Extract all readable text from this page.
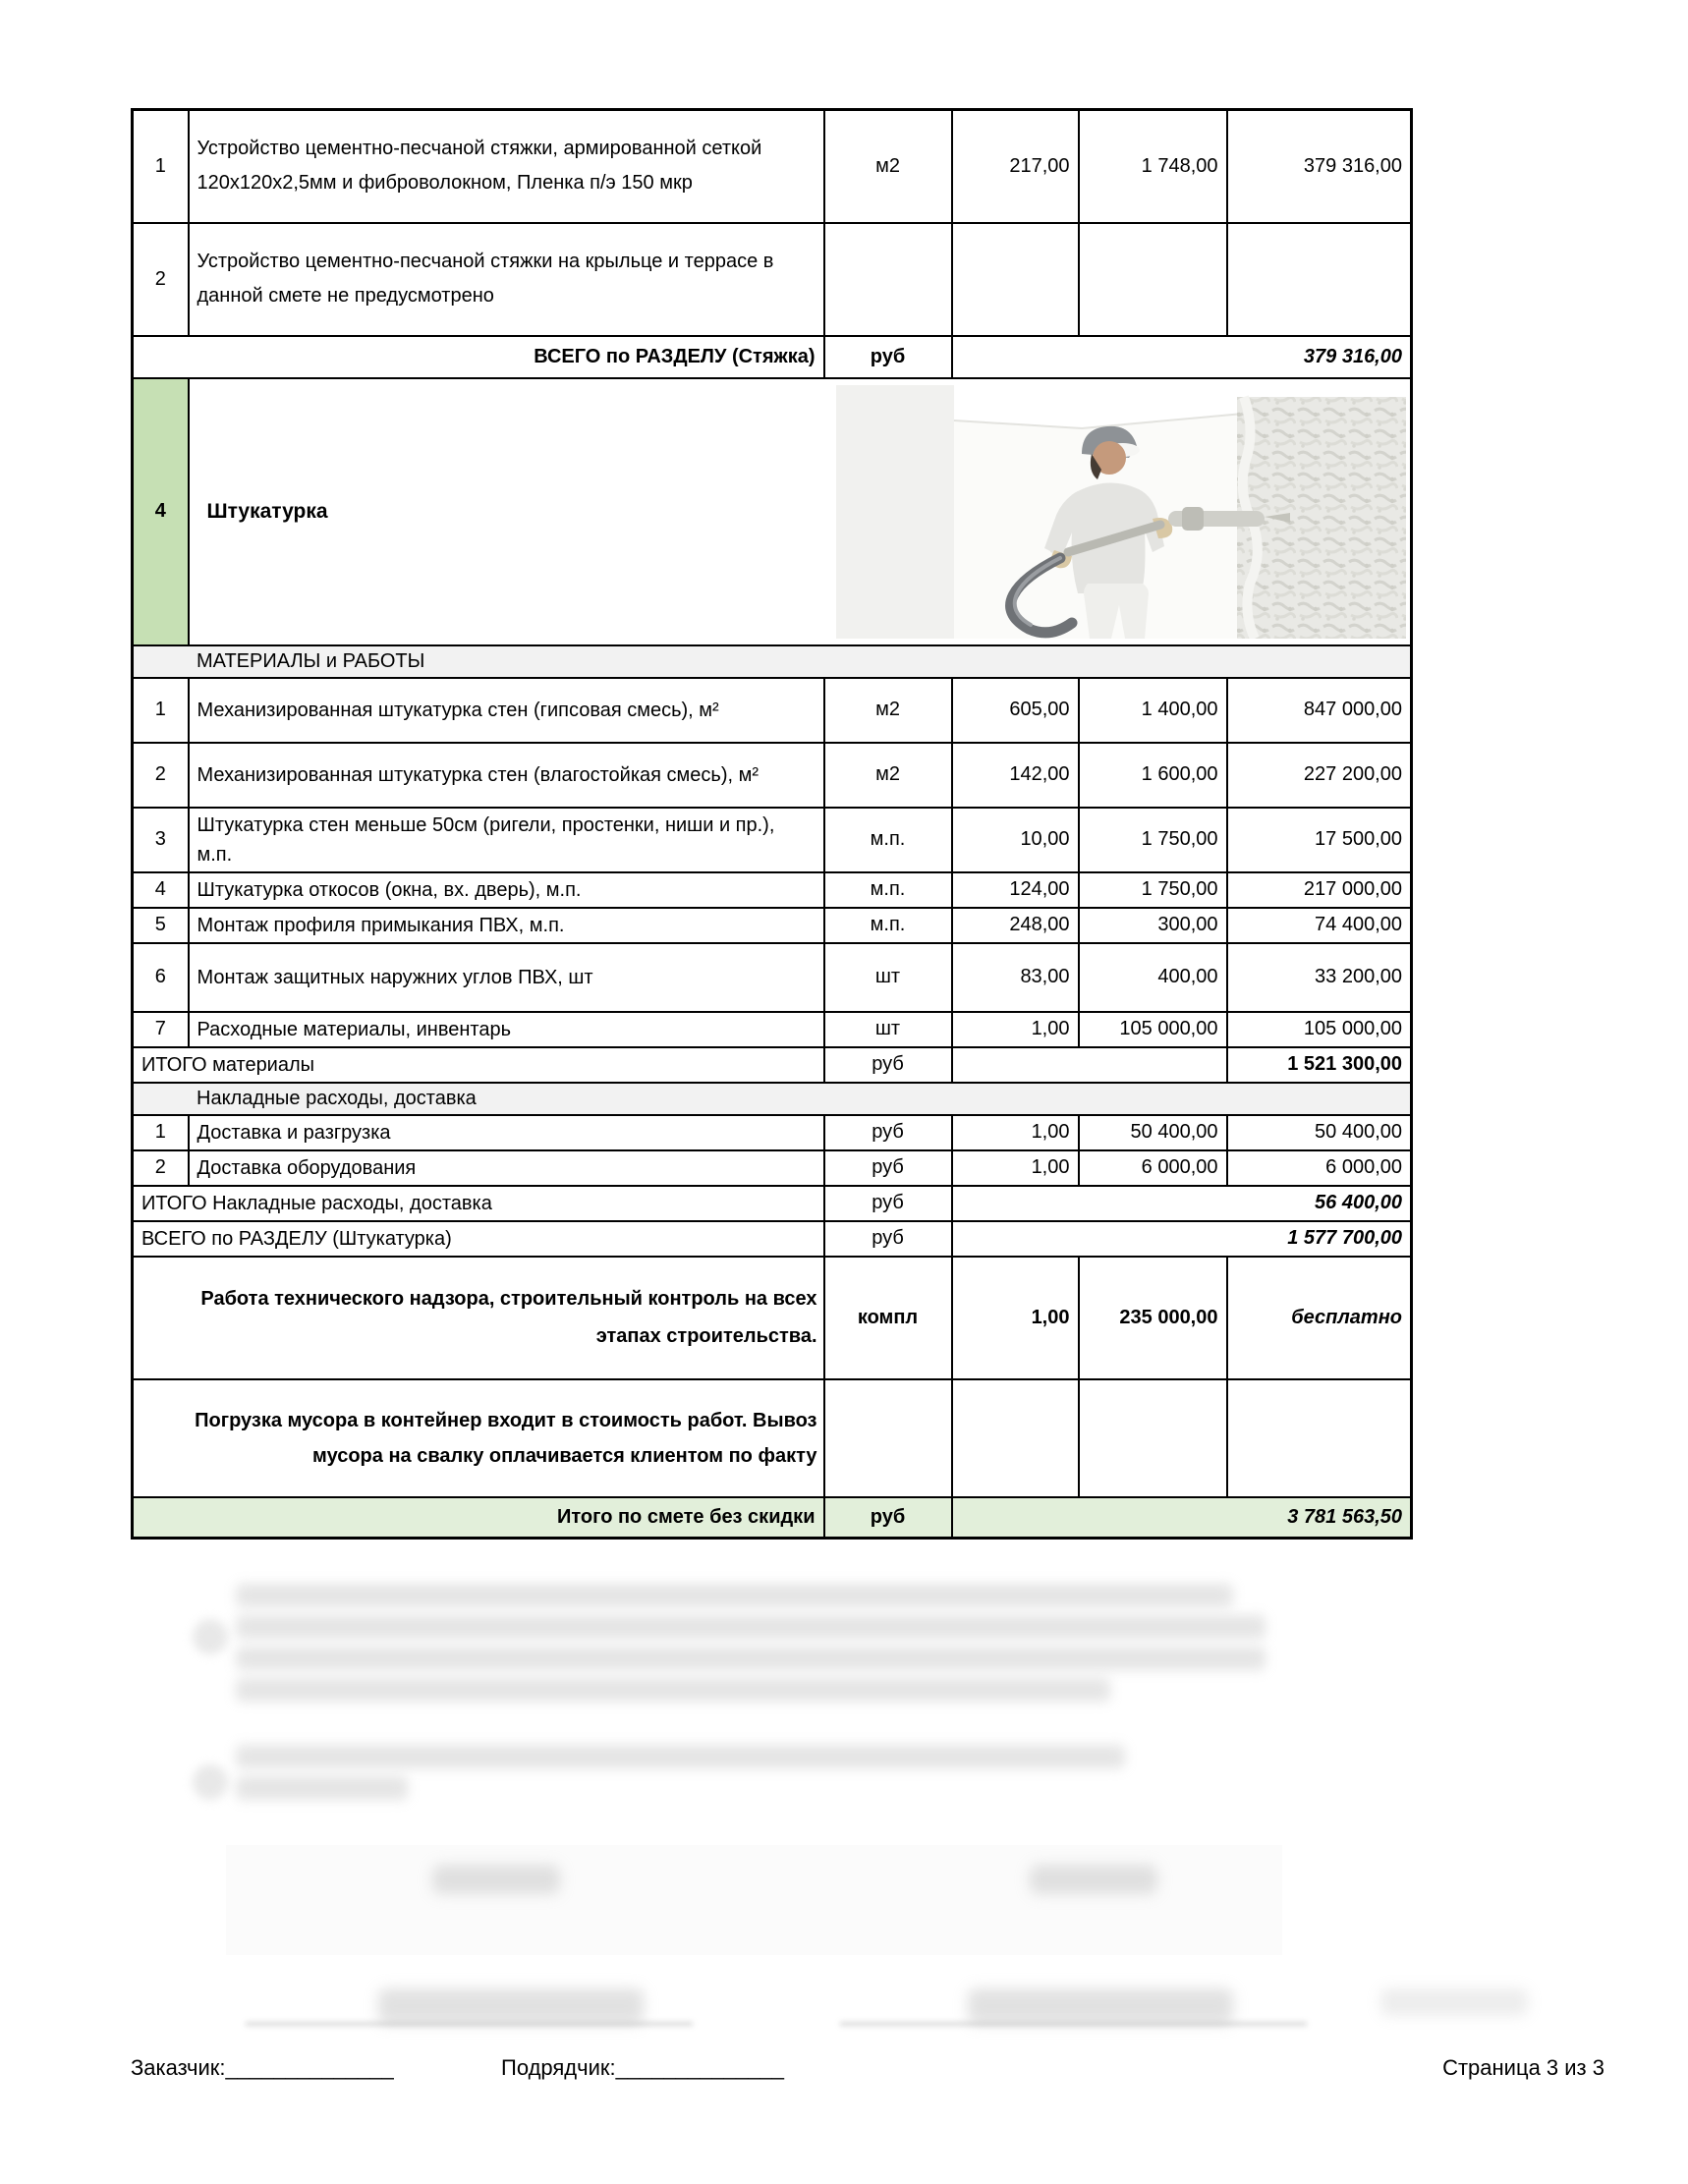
1	Устройство цементно-песчаной стяжки, армированной сеткой 120х120х2,5мм и фиброволокном, Пленка п/э 150 мкр	м2	217,00	1 748,00	379 316,00
2	Устройство цементно-песчаной стяжки на крыльце и террасе в данной смете не предусмотрено				
ВСЕГО по РАЗДЕЛУ (Стяжка)		руб	379 316,00		
4	Штукатурка				

МАТЕРИАЛЫ и РАБОТЫ					
1	Механизированная штукатурка стен (гипсовая смесь), м²	м2	605,00	1 400,00	847 000,00
2	Механизированная штукатурка стен (влагостойкая смесь), м²	м2	142,00	1 600,00	227 200,00
3	Штукатурка стен меньше 50см (ригели, простенки, ниши и пр.), м.п.	м.п.	10,00	1 750,00	17 500,00
4	Штукатурка откосов (окна, вх. дверь), м.п.	м.п.	124,00	1 750,00	217 000,00
5	Монтаж профиля примыкания ПВХ, м.п.	м.п.	248,00	300,00	74 400,00
6	Монтаж защитных наружних углов ПВХ, шт	шт	83,00	400,00	33 200,00
7	Расходные материалы, инвентарь	шт	1,00	105 000,00	105 000,00
ИТОГО материалы		руб			1 521 300,00
Накладные расходы, доставка					
1	Доставка и разгрузка	руб	1,00	50 400,00	50 400,00
2	Доставка оборудования	руб	1,00	6 000,00	6 000,00
ИТОГО Накладные расходы, доставка		руб	56 400,00		
ВСЕГО по РАЗДЕЛУ (Штукатурка)		руб	1 577 700,00		
Работа технического надзора, строительный контроль на всех этапах строительства.		компл	1,00	235 000,00	бесплатно
Погрузка мусора в контейнер входит в стоимость работ. Вывоз мусора на свалку оплачивается клиентом по факту					
Итого по смете без скидки		руб	3 781 563,50		
Заказчик:______________	Подрядчик:______________	Страница 3 из 3
